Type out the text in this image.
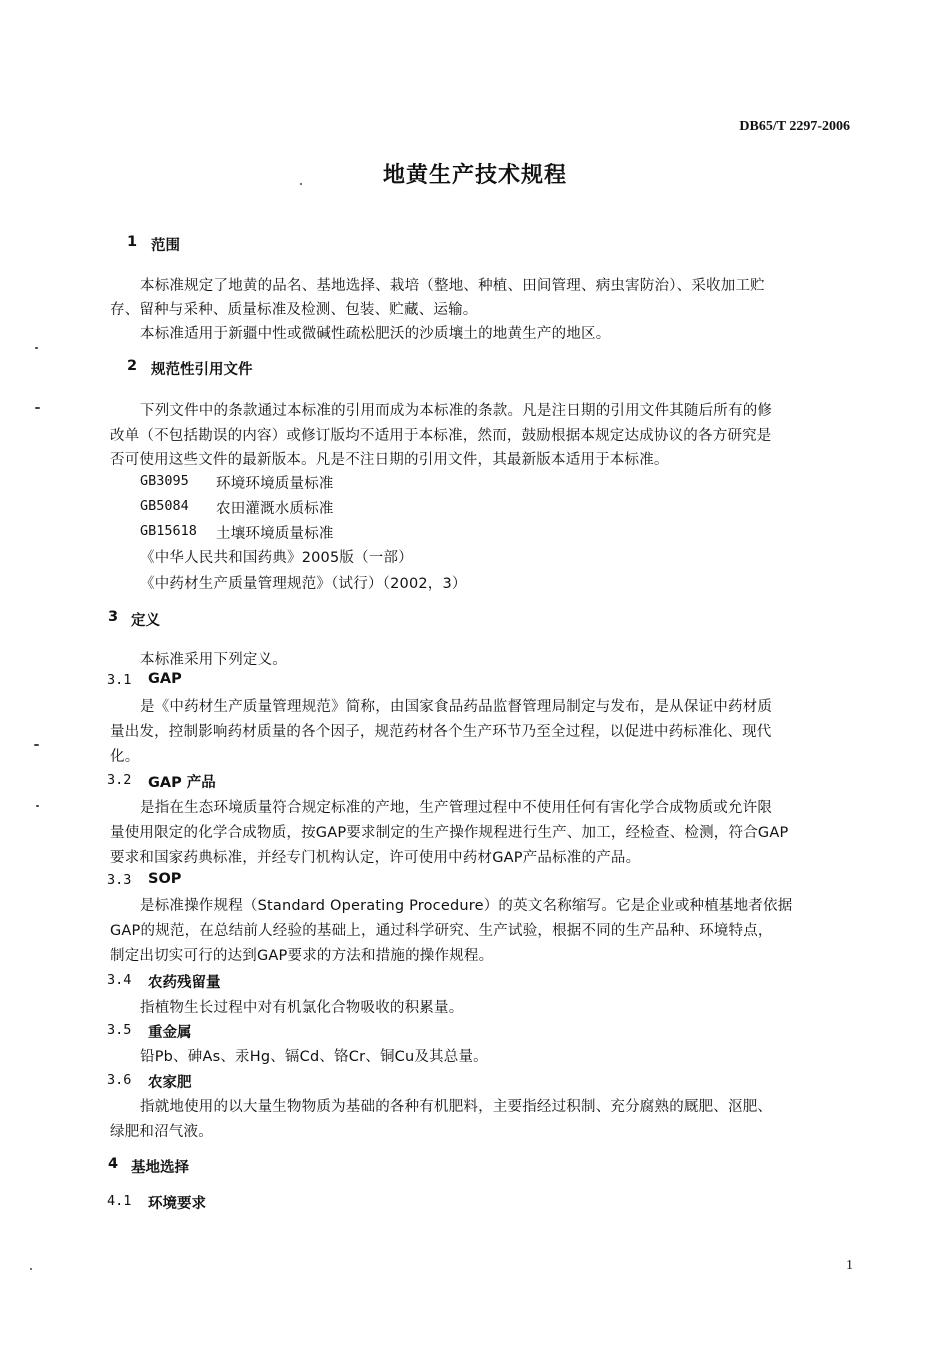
DB65/T 2297-2006
地黄生产技术规程
1 范围
本标准规定了地黄的品名、基地选择、栽培（整地、种植、田间管理、病虫害防治）、采收加工贮
存、留种与采种、质量标准及检测、包装、贮藏、运输。
本标准适用于新疆中性或微碱性疏松肥沃的沙质壤土的地黄生产的地区。
2 规范性引用文件
下列文件中的条款通过本标准的引用而成为本标准的条款。凡是注日期的引用文件其随后所有的修
改单（不包括勘误的内容）或修订版均不适用于本标准，然而，鼓励根据本规定达成协议的各方研究是
否可使用这些文件的最新版本。凡是不注日期的引用文件，其最新版本适用于本标准。
GB3095 环境环境质量标准
GB5084 农田灌溉水质标准
GB15618 土壤环境质量标准
《中华人民共和国药典》2005版（一部）
《中药材生产质量管理规范》（试行）（2002，3）
3 定义
本标准采用下列定义。
3.1 GAP
是《中药材生产质量管理规范》简称，由国家食品药品监督管理局制定与发布，是从保证中药材质
量出发，控制影响药材质量的各个因子，规范药材各个生产环节乃至全过程，以促进中药标准化、现代
化。
3.2 GAP 产品
是指在生态环境质量符合规定标准的产地，生产管理过程中不使用任何有害化学合成物质或允许限
量使用限定的化学合成物质，按GAP要求制定的生产操作规程进行生产、加工，经检查、检测，符合GAP
要求和国家药典标准，并经专门机构认定，许可使用中药材GAP产品标准的产品。
3.3 SOP
是标准操作规程（Standard Operating Procedure）的英文名称缩写。它是企业或种植基地者依据
GAP的规范，在总结前人经验的基础上，通过科学研究、生产试验，根据不同的生产品种、环境特点，
制定出切实可行的达到GAP要求的方法和措施的操作规程。
3.4 农药残留量
指植物生长过程中对有机氯化合物吸收的积累量。
3.5 重金属
铅Pb、砷As、汞Hg、镉Cd、铬Cr、铜Cu及其总量。
3.6 农家肥
指就地使用的以大量生物物质为基础的各种有机肥料，主要指经过积制、充分腐熟的厩肥、沤肥、
绿肥和沼气液。
4 基地选择
4.1 环境要求
1
